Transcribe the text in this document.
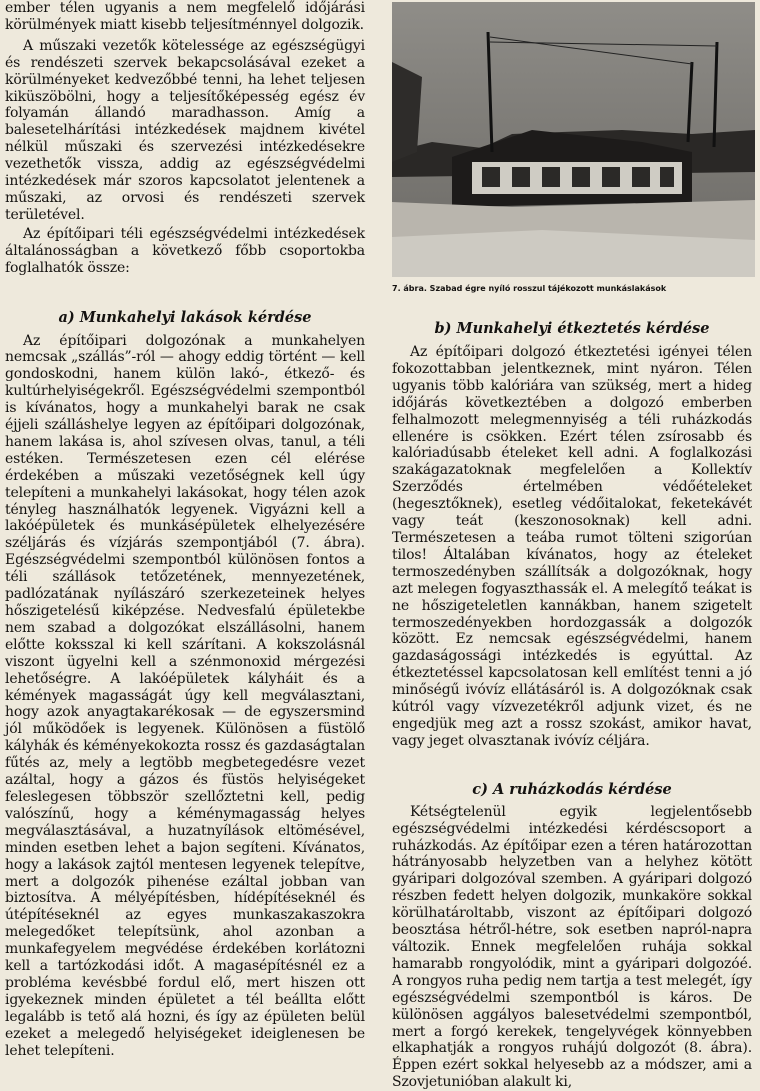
ember télen ugyanis a nem megfelelő időjárási körülmények miatt kisebb teljesítménnyel dolgozik.

A műszaki vezetők kötelessége az egészségügyi és rendészeti szervek bekapcsolásával ezeket a körülményeket kedvezőbbé tenni, ha lehet teljesen kiküszöbölni, hogy a teljesítőképesség egész év folyamán állandó maradhasson. Amíg a balesetelhárítási intézkedések majdnem kivétel nélkül műszaki és szervezési intézkedésekre vezethetők vissza, addig az egészségvédelmi intézkedések már szoros kapcsolatot jelentenek a műszaki, az orvosi és rendészeti szervek területével.

Az építőipari téli egészségvédelmi intézkedések általánosságban a következő főbb csoportokba foglalhatók össze:

a) Munkahelyi lakások kérdése

Az építőipari dolgozónak a munkahelyen nemcsak „szállás”-ról — ahogy eddig történt — kell gondoskodni, hanem külön lakó-, étkező- és kultúrhelyiségekről. Egészségvédelmi szempontból is kívánatos, hogy a munkahelyi barak ne csak éjjeli szálláshelye legyen az építőipari dolgozónak, hanem lakása is, ahol szívesen olvas, tanul, a téli estéken. Természetesen ezen cél elérése érdekében a műszaki vezetőségnek kell úgy telepíteni a munkahelyi lakásokat, hogy télen azok tényleg használhatók legyenek. Vigyázni kell a lakóépületek és munkásépületek elhelyezésére széljárás és vízjárás szempontjából (7. ábra). Egészségvédelmi szempontból különösen fontos a téli szállások tetőzetének, mennyezetének, padlózatának nyílászáró szerkezeteinek helyes hőszigetelésű kiképzése. Nedvesfalú épületekbe nem szabad a dolgozókat elszállásolni, hanem előtte koksszal ki kell szárítani. A kokszolásnál viszont ügyelni kell a szénmonoxid mérgezési lehetőségre. A lakóépületek kályháit és a kémények magasságát úgy kell megválasztani, hogy azok anyagtakarékosak — de egyszersmind jól működőek is legyenek. Különösen a füstölő kályhák és kéményekokozta rossz és gazdaságtalan fűtés az, mely a legtöbb megbetegedésre vezet azáltal, hogy a gázos és füstös helyiségeket feleslegesen többször szellőztetni kell, pedig valószínű, hogy a kéménymagasság helyes megválasztásával, a huzatnyílások eltömésével, minden esetben lehet a bajon segíteni. Kívánatos, hogy a lakások zajtól mentesen legyenek telepítve, mert a dolgozók pihenése ezáltal jobban van biztosítva. A mélyépítésben, hídépítéseknél és útépítéseknél az egyes munkaszakaszokra melegedőket telepítsünk, ahol azonban a munkafegyelem megvédése érdekében korlátozni kell a tartózkodási időt. A magasépítésnél ez a probléma kevésbbé fordul elő, mert hiszen ott igyekeznek minden épületet a tél beállta előtt legalább is tető alá hozni, és így az épületen belül ezeket a melegedő helyiségeket ideiglenesen be lehet telepíteni.

7. ábra. Szabad égre nyíló rosszul tájékozott munkáslakások
b) Munkahelyi étkeztetés kérdése

Az építőipari dolgozó étkeztetési igényei télen fokozottabban jelentkeznek, mint nyáron. Télen ugyanis több kalóriára van szükség, mert a hideg időjárás következtében a dolgozó emberben felhalmozott melegmennyiség a téli ruházkodás ellenére is csökken. Ezért télen zsírosabb és kalóriadúsabb ételeket kell adni. A foglalkozási szakágazatoknak megfelelően a Kollektív Szerződés értelmében védőételeket (hegesztőknek), esetleg védőitalokat, feketekávét vagy teát (keszonosoknak) kell adni. Természetesen a teába rumot tölteni szigorúan tilos! Általában kívánatos, hogy az ételeket termoszedényben szállítsák a dolgozóknak, hogy azt melegen fogyaszthassák el. A melegítő teákat is ne hőszigeteletlen kannákban, hanem szigetelt termoszedényekben hordozgassák a dolgozók között. Ez nemcsak egészségvédelmi, hanem gazdaságossági intézkedés is egyúttal. Az étkeztetéssel kapcsolatosan kell említést tenni a jó minőségű ivóvíz ellátásáról is. A dolgozóknak csak kútról vagy vízvezetékről adjunk vizet, és ne engedjük meg azt a rossz szokást, amikor havat, vagy jeget olvasztanak ivóvíz céljára.

c) A ruházkodás kérdése

Kétségtelenül egyik legjelentősebb egészségvédelmi intézkedési kérdéscsoport a ruházkodás. Az építőipar ezen a téren határozottan hátrányosabb helyzetben van a helyhez kötött gyáripari dolgozóval szemben. A gyáripari dolgozó részben fedett helyen dolgozik, munkaköre sokkal körülhatároltabb, viszont az építőipari dolgozó beosztása hétről-hétre, sok esetben napról-napra változik. Ennek megfelelően ruhája sokkal hamarabb rongyolódik, mint a gyáripari dolgozóé. A rongyos ruha pedig nem tartja a test melegét, így egészségvédelmi szempontból is káros. De különösen aggályos balesetvédelmi szempontból, mert a forgó kerekek, tengelyvégek könnyebben elkaphatják a rongyos ruhájú dolgozót (8. ábra). Éppen ezért sokkal helyesebb az a módszer, ami a Szovjetunióban alakult ki,
